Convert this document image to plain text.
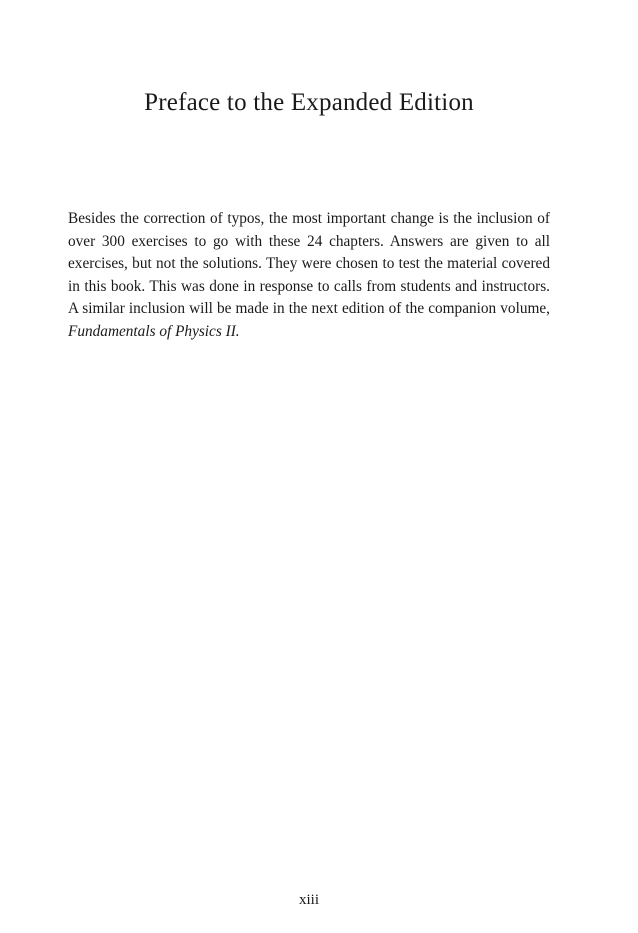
Preface to the Expanded Edition

Besides the correction of typos, the most important change is the inclusion of over 300 exercises to go with these 24 chapters. Answers are given to all exercises, but not the solutions. They were chosen to test the material covered in this book. This was done in response to calls from students and instructors. A similar inclusion will be made in the next edition of the companion volume, Fundamentals of Physics II.

xiii
